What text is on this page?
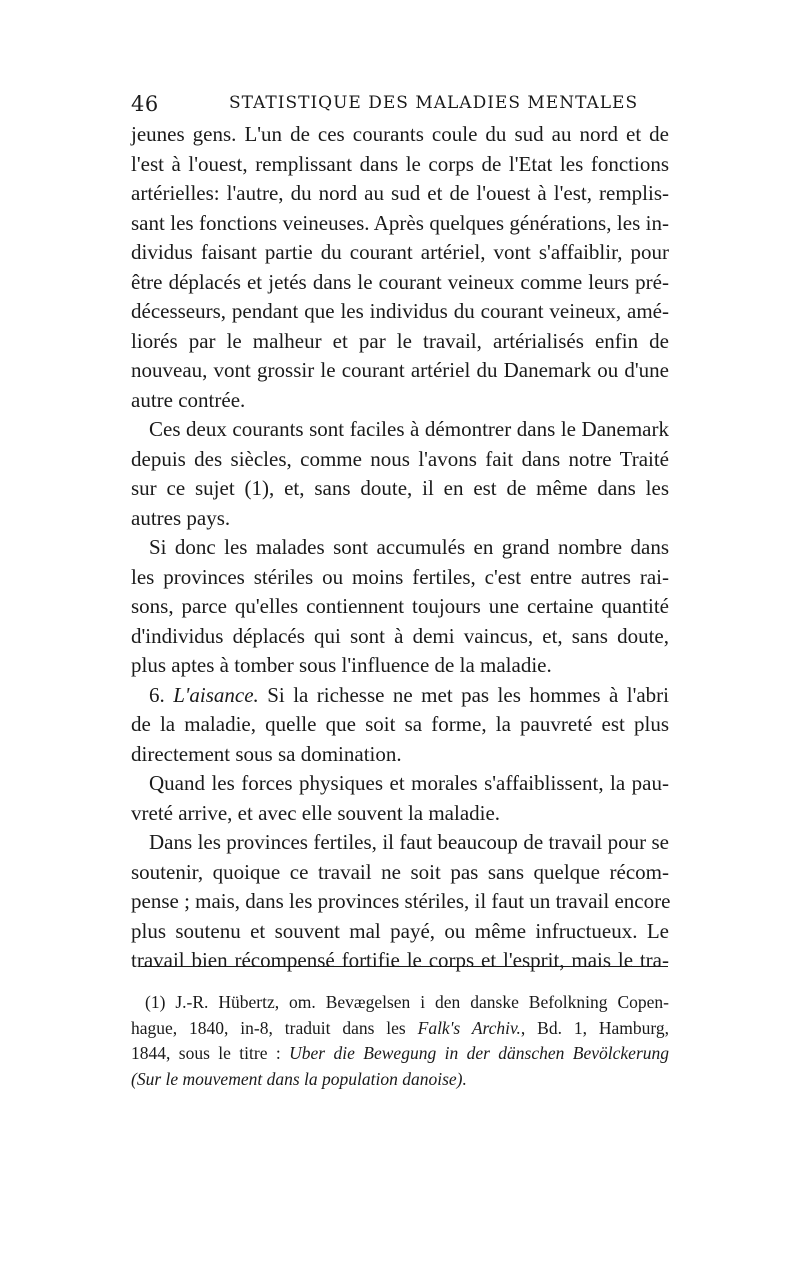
46	STATISTIQUE DES MALADIES MENTALES
jeunes gens. L'un de ces courants coule du sud au nord et de
l'est à l'ouest, remplissant dans le corps de l'Etat les fonctions
artérielles: l'autre, du nord au sud et de l'ouest à l'est, remplis-
sant les fonctions veineuses. Après quelques générations, les in-
dividus faisant partie du courant artériel, vont s'affaiblir, pour
être déplacés et jetés dans le courant veineux comme leurs pré-
décesseurs, pendant que les individus du courant veineux, amé-
liorés par le malheur et par le travail, artérialisés enfin de
nouveau, vont grossir le courant artériel du Danemark ou d'une
autre contrée.
Ces deux courants sont faciles à démontrer dans le Danemark
depuis des siècles, comme nous l'avons fait dans notre Traité
sur ce sujet (1), et, sans doute, il en est de même dans les
autres pays.
Si donc les malades sont accumulés en grand nombre dans
les provinces stériles ou moins fertiles, c'est entre autres rai-
sons, parce qu'elles contiennent toujours une certaine quantité
d'individus déplacés qui sont à demi vaincus, et, sans doute,
plus aptes à tomber sous l'influence de la maladie.
6. L'aisance. Si la richesse ne met pas les hommes à l'abri
de la maladie, quelle que soit sa forme, la pauvreté est plus
directement sous sa domination.
Quand les forces physiques et morales s'affaiblissent, la pau-
vreté arrive, et avec elle souvent la maladie.
Dans les provinces fertiles, il faut beaucoup de travail pour se
soutenir, quoique ce travail ne soit pas sans quelque récom-
pense ; mais, dans les provinces stériles, il faut un travail encore
plus soutenu et souvent mal payé, ou même infructueux. Le
travail bien récompensé fortifie le corps et l'esprit, mais le tra-
(1) J.-R. Hübertz, om. Bevægelsen i den danske Befolkning Copen-
hague, 1840, in-8, traduit dans les Falk's Archiv., Bd. 1, Hamburg,
1844, sous le titre : Uber die Bewegung in der dänschen Bevölckerung
(Sur le mouvement dans la population danoise).
